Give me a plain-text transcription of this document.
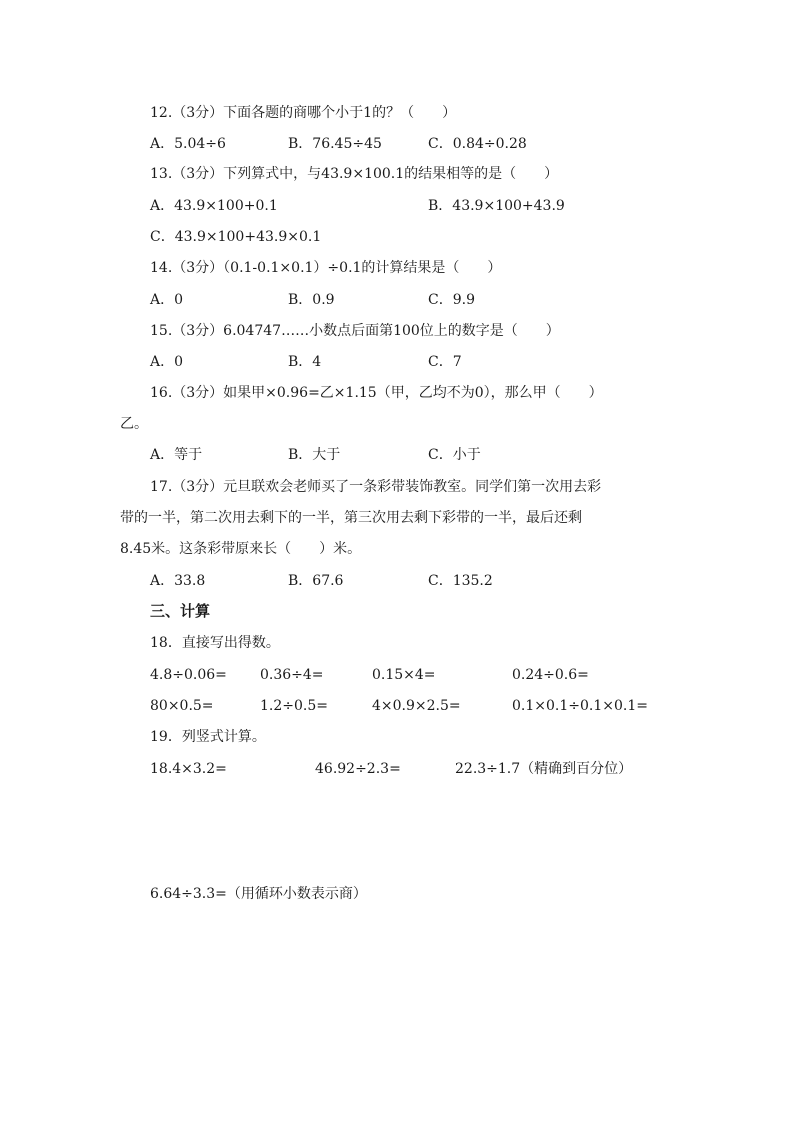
12.（3分）下面各题的商哪个小于1的？（　　）
A．5.04÷6	B．76.45÷45	C．0.84÷0.28
13.（3分）下列算式中，与43.9×100.1的结果相等的是（　　）
A．43.9×100+0.1	B．43.9×100+43.9
C．43.9×100+43.9×0.1
14.（3分）（0.1-0.1×0.1）÷0.1的计算结果是（　　）
A．0	B．0.9	C．9.9
15.（3分）6.04747……小数点后面第100位上的数字是（　　）
A．0	B．4	C．7
16.（3分）如果甲×0.96=乙×1.15（甲，乙均不为0），那么甲（　　）
乙。
A．等于	B．大于	C．小于
17.（3分）元旦联欢会老师买了一条彩带装饰教室。同学们第一次用去彩
带的一半，第二次用去剩下的一半，第三次用去剩下彩带的一半，最后还剩
8.45米。这条彩带原来长（　　）米。
A．33.8	B．67.6	C．135.2
三、计算
18．直接写出得数。
4.8÷0.06= 0.36÷4=	0.15×4=	0.24÷0.6=
80×0.5=	1.2÷0.5=	4×0.9×2.5=	0.1×0.1÷0.1×0.1=
19．列竖式计算。
18.4×3.2=	46.92÷2.3=	22.3÷1.7（精确到百分位）
6.64÷3.3=（用循环小数表示商）
